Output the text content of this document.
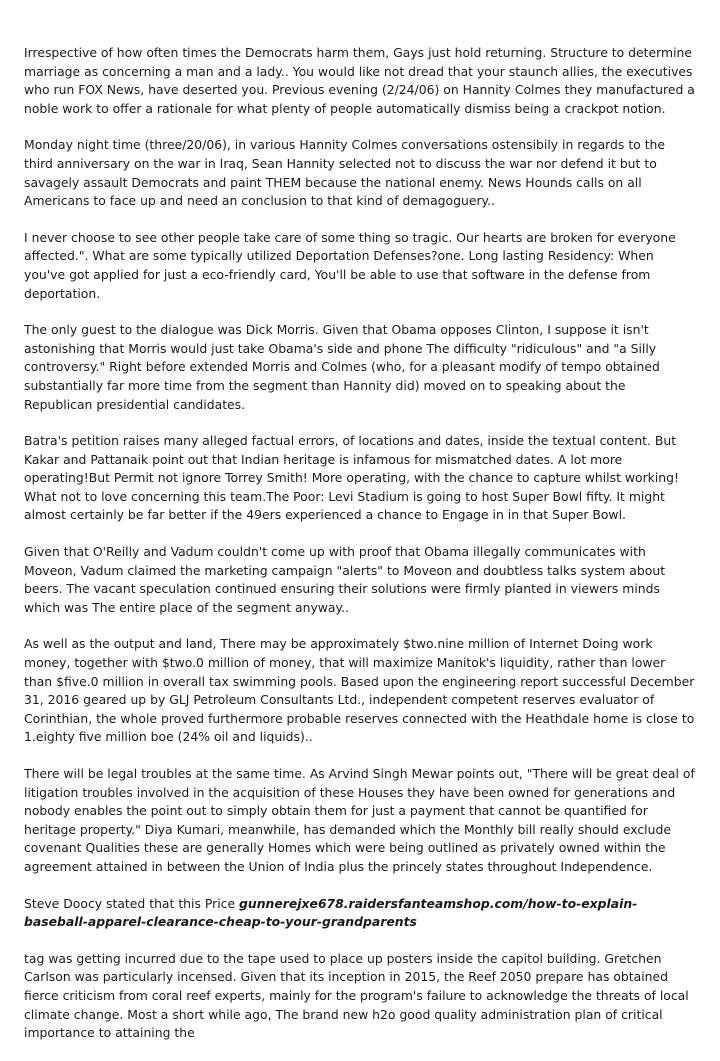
Irrespective of how often times the Democrats harm them, Gays just hold returning. Structure to determine marriage as concerning a man and a lady.. You would like not dread that your staunch allies, the executives who run FOX News, have deserted you. Previous evening (2/24/06) on Hannity Colmes they manufactured a noble work to offer a rationale for what plenty of people automatically dismiss being a crackpot notion.

Monday night time (three/20/06), in various Hannity Colmes conversations ostensibily in regards to the third anniversary on the war in Iraq, Sean Hannity selected not to discuss the war nor defend it but to savagely assault Democrats and paint THEM because the national enemy. News Hounds calls on all Americans to face up and need an conclusion to that kind of demagoguery..

I never choose to see other people take care of some thing so tragic. Our hearts are broken for everyone affected.". What are some typically utilized Deportation Defenses?one. Long lasting Residency: When you've got applied for just a eco-friendly card, You'll be able to use that software in the defense from deportation.

The only guest to the dialogue was Dick Morris. Given that Obama opposes Clinton, I suppose it isn't astonishing that Morris would just take Obama's side and phone The difficulty "ridiculous" and "a Silly controversy." Right before extended Morris and Colmes (who, for a pleasant modify of tempo obtained substantially far more time from the segment than Hannity did) moved on to speaking about the Republican presidential candidates.

Batra's petition raises many alleged factual errors, of locations and dates, inside the textual content. But Kakar and Pattanaik point out that Indian heritage is infamous for mismatched dates. A lot more operating!But Permit not ignore Torrey Smith! More operating, with the chance to capture whilst working! What not to love concerning this team.The Poor: Levi Stadium is going to host Super Bowl fifty. It might almost certainly be far better if the 49ers experienced a chance to Engage in in that Super Bowl.

Given that O'Reilly and Vadum couldn't come up with proof that Obama illegally communicates with Moveon, Vadum claimed the marketing campaign "alerts" to Moveon and doubtless talks system about beers. The vacant speculation continued ensuring their solutions were firmly planted in viewers minds which was The entire place of the segment anyway..

As well as the output and land, There may be approximately $two.nine million of Internet Doing work money, together with $two.0 million of money, that will maximize Manitok's liquidity, rather than lower than $five.0 million in overall tax swimming pools. Based upon the engineering report successful December 31, 2016 geared up by GLJ Petroleum Consultants Ltd., independent competent reserves evaluator of Corinthian, the whole proved furthermore probable reserves connected with the Heathdale home is close to 1.eighty five million boe (24% oil and liquids)..

There will be legal troubles at the same time. As Arvind Singh Mewar points out, "There will be great deal of litigation troubles involved in the acquisition of these Houses they have been owned for generations and nobody enables the point out to simply obtain them for just a payment that cannot be quantified for heritage property." Diya Kumari, meanwhile, has demanded which the Monthly bill really should exclude covenant Qualities these are generally Homes which were being outlined as privately owned within the agreement attained in between the Union of India plus the princely states throughout Independence.

Steve Doocy stated that this Price gunnerejxe678.raidersfanteamshop.com/how-to-explain-baseball-apparel-clearance-cheap-to-your-grandparents

tag was getting incurred due to the tape used to place up posters inside the capitol building. Gretchen Carlson was particularly incensed. Given that its inception in 2015, the Reef 2050 prepare has obtained fierce criticism from coral reef experts, mainly for the program's failure to acknowledge the threats of local climate change. Most a short while ago, The brand new h2o good quality administration plan of critical importance to attaining the
